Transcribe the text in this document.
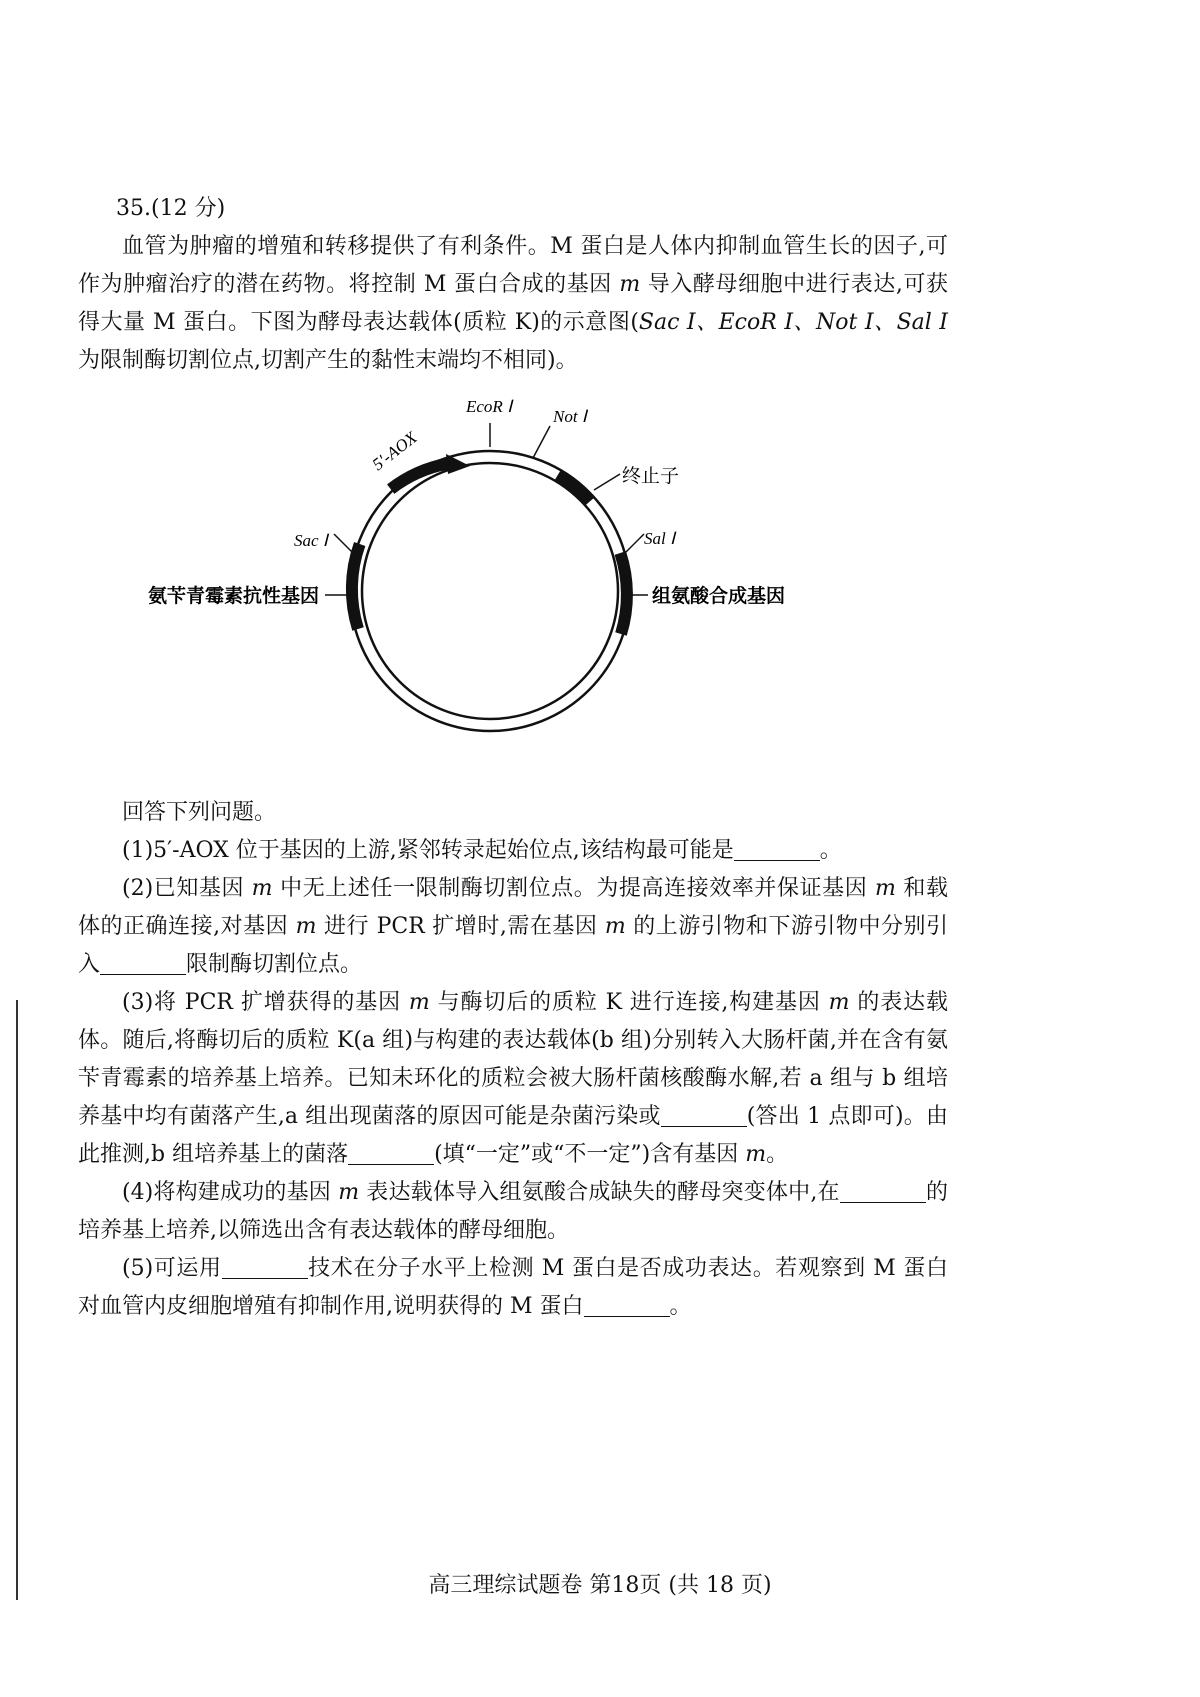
35.(12 分)

血管为肿瘤的增殖和转移提供了有利条件。M 蛋白是人体内抑制血管生长的因子,可作为肿瘤治疗的潜在药物。将控制 M 蛋白合成的基因 m 导入酵母细胞中进行表达,可获得大量 M 蛋白。下图为酵母表达载体(质粒 K)的示意图(Sac Ⅰ、EcoR Ⅰ、Not Ⅰ、Sal Ⅰ 为限制酶切割位点,切割产生的黏性末端均不相同)。

5′-AOX
EcoR Ⅰ
Not Ⅰ
终止子
Sac Ⅰ	Sal Ⅰ
氨苄青霉素抗性基因	组氨酸合成基因

回答下列问题。

(1)5′-AOX 位于基因的上游,紧邻转录起始位点,该结构最可能是	。

(2)已知基因 m 中无上述任一限制酶切割位点。为提高连接效率并保证基因 m 和载体的正确连接,对基因 m 进行 PCR 扩增时,需在基因 m 的上游引物和下游引物中分别引入	限制酶切割位点。

(3)将 PCR 扩增获得的基因 m 与酶切后的质粒 K 进行连接,构建基因 m 的表达载体。随后,将酶切后的质粒 K(a 组)与构建的表达载体(b 组)分别转入大肠杆菌,并在含有氨苄青霉素的培养基上培养。已知未环化的质粒会被大肠杆菌核酸酶水解,若 a 组与 b 组培养基中均有菌落产生,a 组出现菌落的原因可能是杂菌污染或	(答出 1 点即可)。由此推测,b 组培养基上的菌落	(填“一定”或“不一定”)含有基因 m。

(4)将构建成功的基因 m 表达载体导入组氨酸合成缺失的酵母突变体中,在	的培养基上培养,以筛选出含有表达载体的酵母细胞。

(5)可运用	技术在分子水平上检测 M 蛋白是否成功表达。若观察到 M 蛋白对血管内皮细胞增殖有抑制作用,说明获得的 M 蛋白	。

高三理综试题卷 第18页 (共 18 页)
